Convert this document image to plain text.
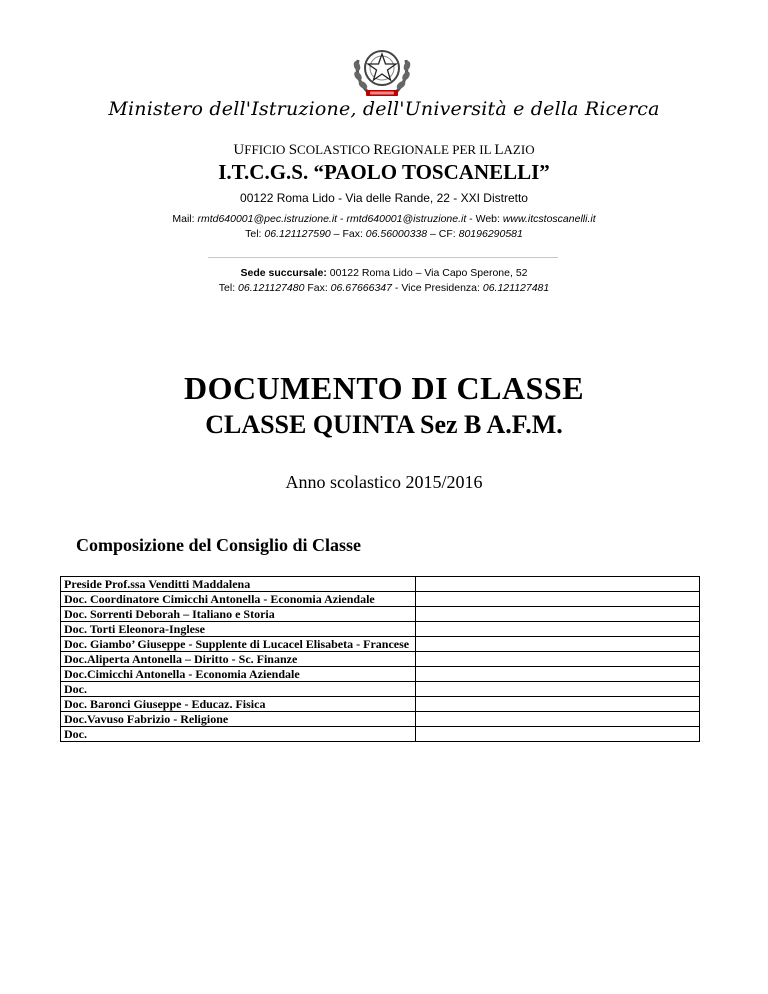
Ministero dell'Istruzione, dell'Università e della Ricerca
UFFICIO SCOLASTICO REGIONALE PER IL LAZIO
I.T.C.G.S. “PAOLO TOSCANELLI”
00122 Roma Lido - Via delle Rande, 22 - XXI Distretto
Mail: rmtd640001@pec.istruzione.it - rmtd640001@istruzione.it - Web: www.itcstoscanelli.it
Tel: 06.121127590 – Fax: 06.56000338 – CF: 80196290581
Sede succursale: 00122 Roma Lido – Via Capo Sperone, 52
Tel: 06.121127480 Fax: 06.67666347 - Vice Presidenza: 06.121127481
DOCUMENTO DI CLASSE
CLASSE QUINTA Sez B A.F.M.
Anno scolastico 2015/2016
Composizione del Consiglio di Classe
Preside Prof.ssa Venditti Maddalena	
Doc. Coordinatore Cimicchi Antonella - Economia Aziendale	
Doc. Sorrenti Deborah – Italiano e Storia	
Doc. Torti Eleonora-Inglese	
Doc. Giambo’ Giuseppe - Supplente di Lucacel Elisabeta - Francese	
Doc.Aliperta Antonella – Diritto - Sc. Finanze	
Doc.Cimicchi Antonella - Economia Aziendale	
Doc.	
Doc. Baronci Giuseppe - Educaz. Fisica	
Doc.Vavuso Fabrizio - Religione	
Doc.	
